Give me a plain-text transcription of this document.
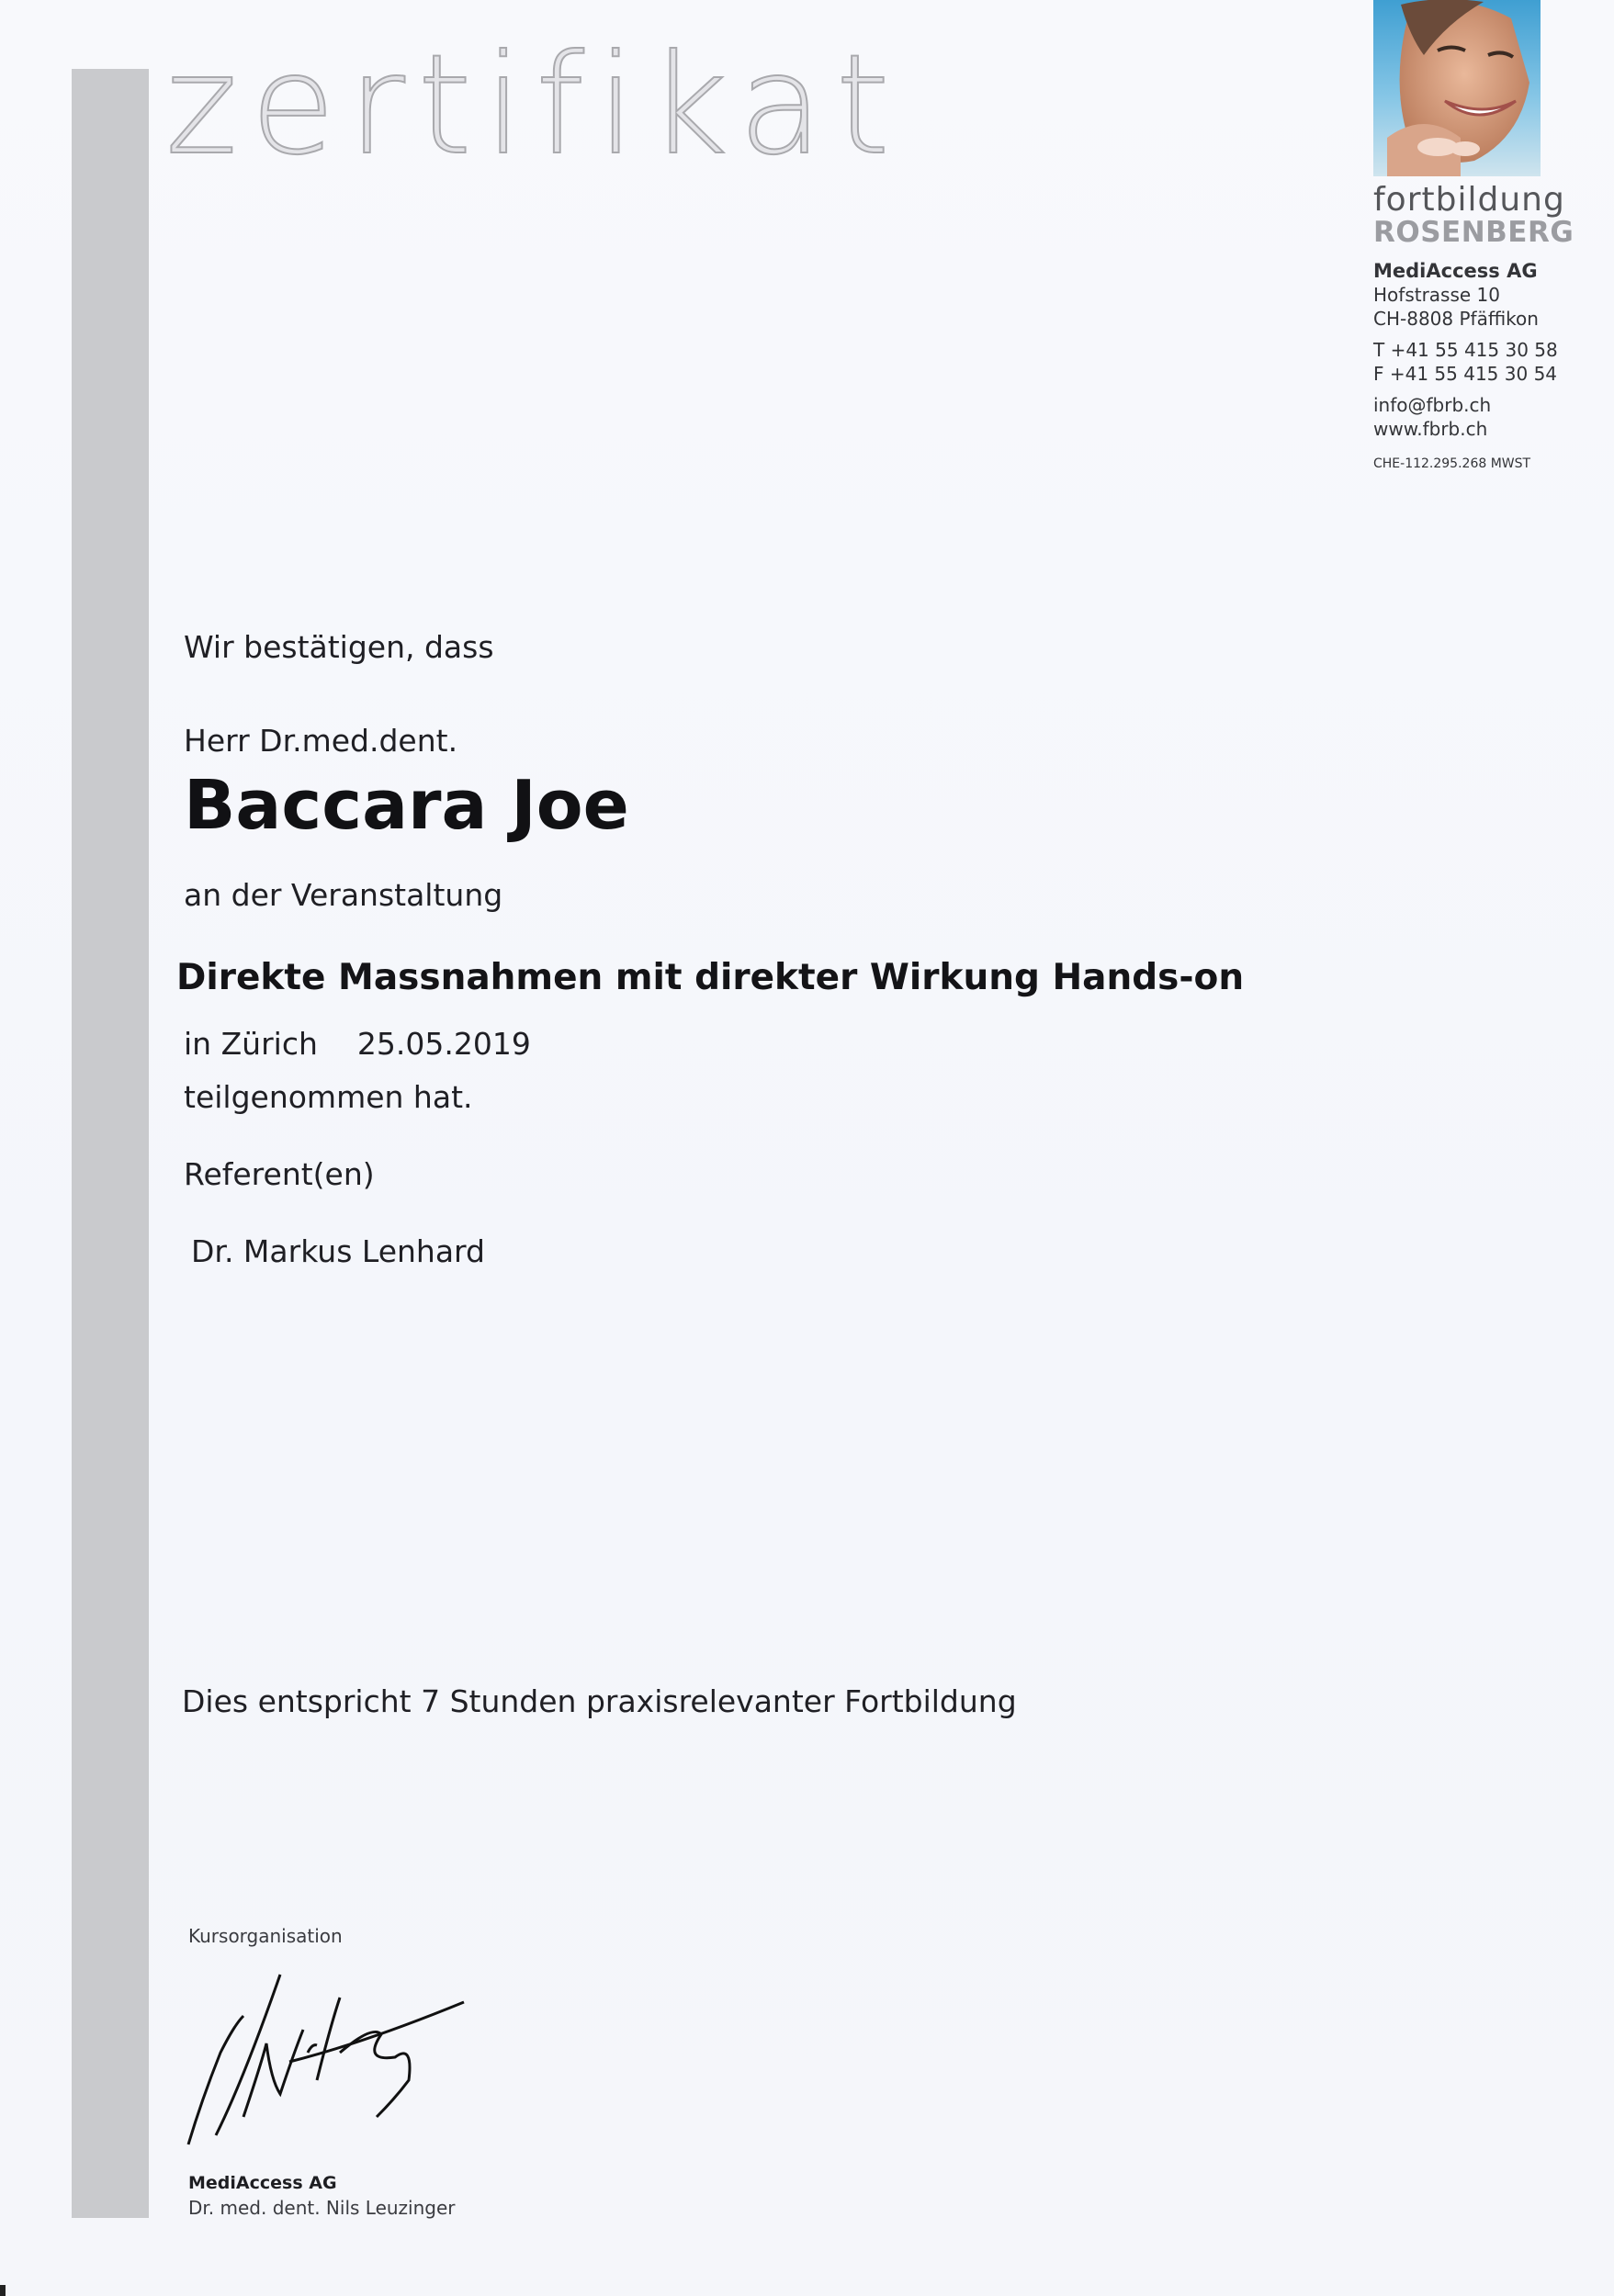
zertifikat
fortbildung
ROSENBERG
MediAccess AG
Hofstrasse 10
CH-8808 Pfäffikon
T +41 55 415 30 58
F +41 55 415 30 54
info@fbrb.ch
www.fbrb.ch
CHE-112.295.268 MWST
Wir bestätigen, dass
Herr Dr.med.dent.
Baccara Joe
an der Veranstaltung
Direkte Massnahmen mit direkter Wirkung Hands-on
in Zürich 25.05.2019
teilgenommen hat.
Referent(en)
Dr. Markus Lenhard
Dies entspricht 7 Stunden praxisrelevanter Fortbildung
Kursorganisation
MediAccess AG
Dr. med. dent. Nils Leuzinger
